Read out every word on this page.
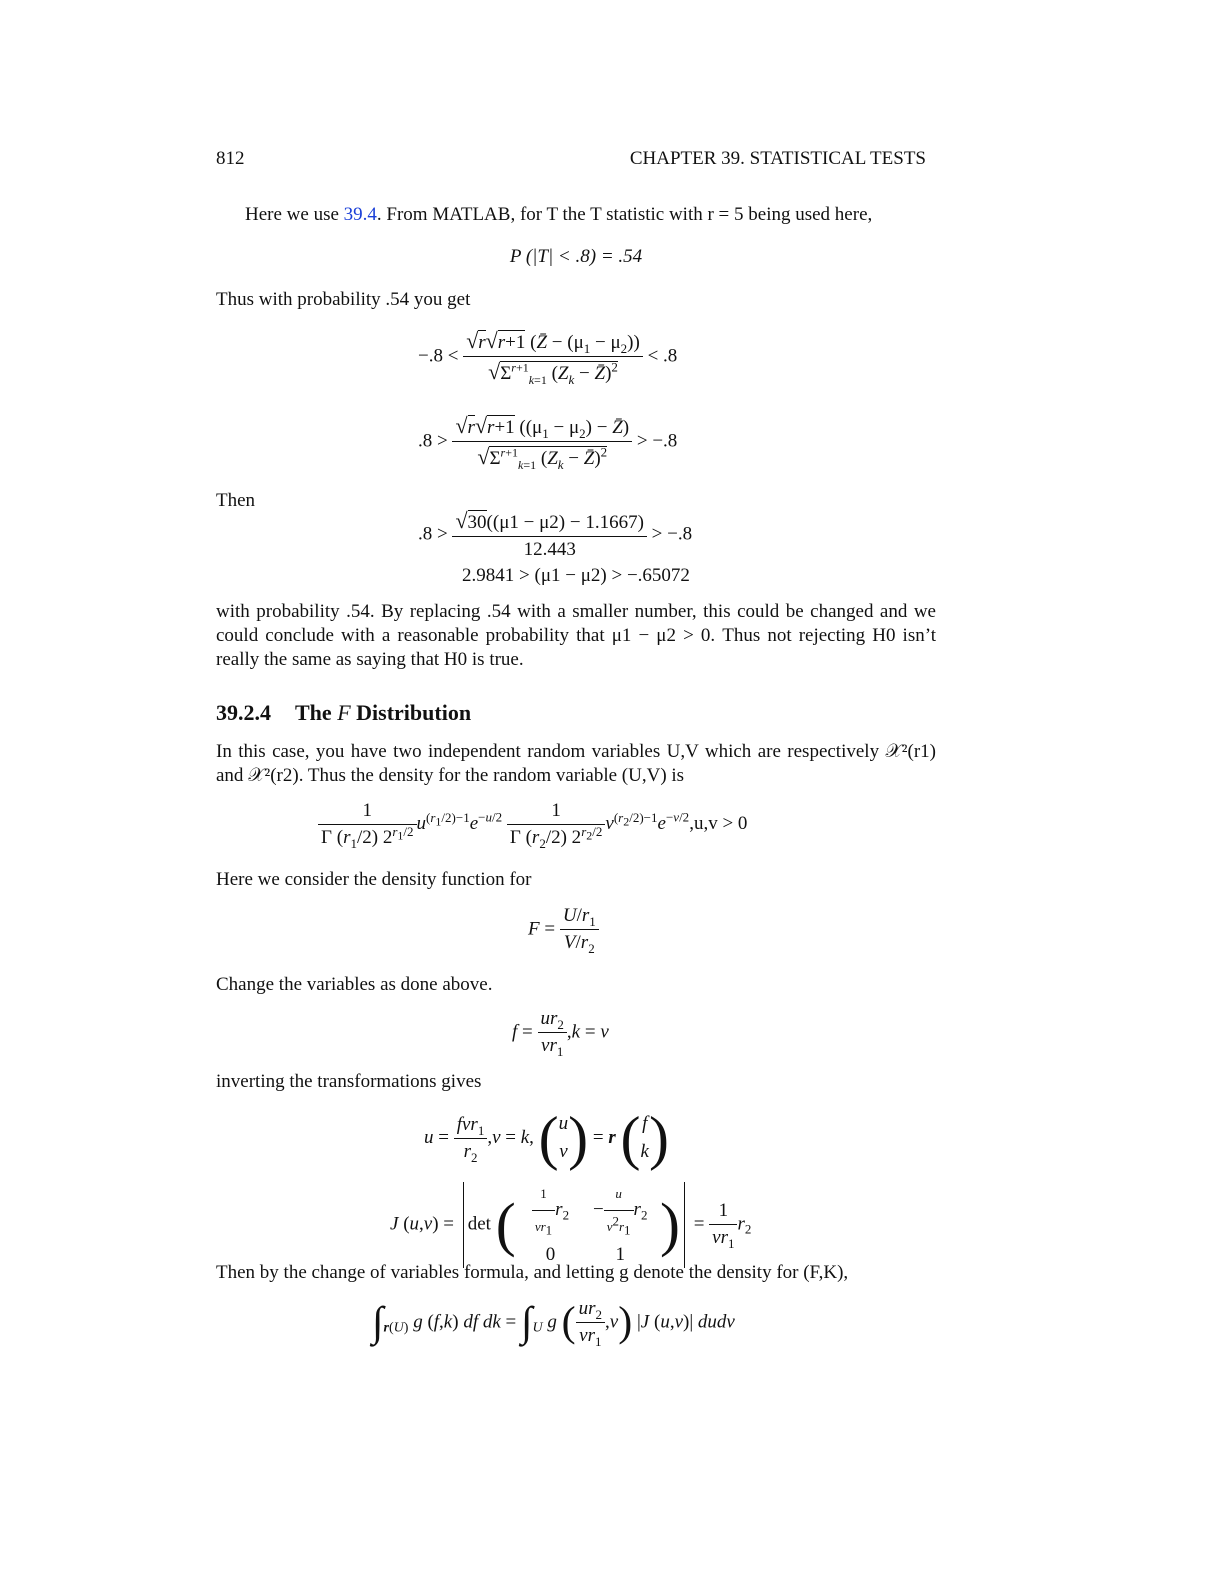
812	CHAPTER 39. STATISTICAL TESTS
Here we use 39.4. From MATLAB, for T the T statistic with r = 5 being used here,
P (|T| < .8) = .54
Thus with probability .54 you get
$-.8 < \frac{√r√r+1 (Z̄ - (\mu_1 - \mu_2))}{√\Sigma^{r+1}_{k=1} (Z_k - Z̄)^2} < .8$
$.8 > \frac{√r√r+1 ((\mu_1 - \mu_2) - Z̄)}{√\Sigma^{r+1}_{k=1} (Z_k - Z̄)^2} > -.8$
Then
$.8 > \frac{√30((\mu 1 - \mu 2) - 1.1667)}{12.443} > -.8$
2.9841 > (μ1 − μ2) > −.65072
with probability .54. By replacing .54 with a smaller number, this could be changed and we could conclude with a reasonable probability that μ1 − μ2 > 0. Thus not rejecting H0 isn’t really the same as saying that H0 is true.
39.2.4 The F Distribution
In this case, you have two independent random variables U,V which are respectively 𝒳²(r1) and 𝒳²(r2). Thus the density for the random variable (U,V) is
$\frac{1}{\Gamma (r_1/2) 2^{r_1/2}} u^{(r_1/2)-1}e^{-u/2} \frac{1}{\Gamma (r_2/2) 2^{r_2/2}} v^{(r_2/2)-1}e^{-v/2},u,v > 0$
Here we consider the density function for
$F = \frac{U/r_1}{V/r_2}$
Change the variables as done above.
$f = \frac{ur_2}{vr_1} ,k = v$
inverting the transformations gives
$u = \frac{fvr_1}{r_2} ,v = k$, (u
v) = r (f
k)
J (u,v) = det ( $\frac{1}{vr_1} r_2 - \frac{u}{v^2r_1} r_2$
0	1 ) = $\frac{1}{vr_1} r_2$
Then by the change of variables formula, and letting g denote the density for (F,K),
$\int_{r(U)}$ g (f,k) df dk = $\int_U$ g ( $\frac{ur_2}{vr_1} ,v$) |J (u,v)| dudv
